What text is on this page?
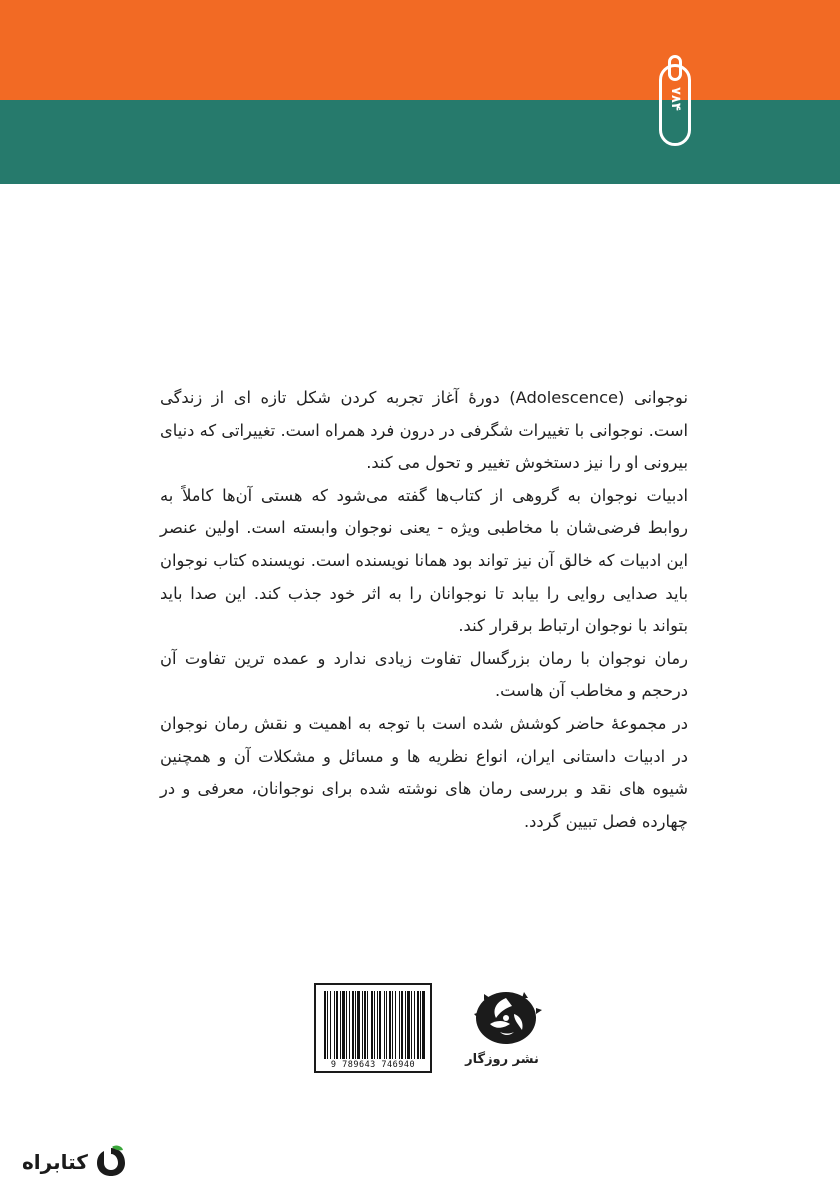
۷۸۴

نوجوانی (Adolescence) دورهٔ آغاز تجربه کردن شکل تازه ای از زندگی است. نوجوانی با تغییرات شگرفی در درون فرد همراه است. تغییراتی که دنیای بیرونی او را نیز دستخوش تغییر و تحول می کند.

ادبیات نوجوان به گروهی از کتاب‌ها گفته می‌شود که هستی آن‌ها کاملاً به روابط فرضی‌شان با مخاطبی ویژه - یعنی نوجوان وابسته است. اولین عنصر این ادبیات که خالق آن نیز تواند بود همانا نویسنده است. نویسنده کتاب نوجوان باید صدایی روایی را بیابد تا نوجوانان را به اثر خود جذب کند. این صدا باید بتواند با نوجوان ارتباط برقرار کند.

رمان نوجوان با رمان بزرگسال تفاوت زیادی ندارد و عمده ترین تفاوت آن درحجم و مخاطب آن هاست.

در مجموعهٔ حاضر کوشش شده است با توجه به اهمیت و نقش رمان نوجوان در ادبیات داستانی ایران، انواع نظریه ها و مسائل و مشکلات آن و همچنین شیوه های نقد و بررسی رمان های نوشته شده برای نوجوانان، معرفی و در چهارده فصل تبیین گردد.

9 789643 746940	نشر روزگار
کتابراه
